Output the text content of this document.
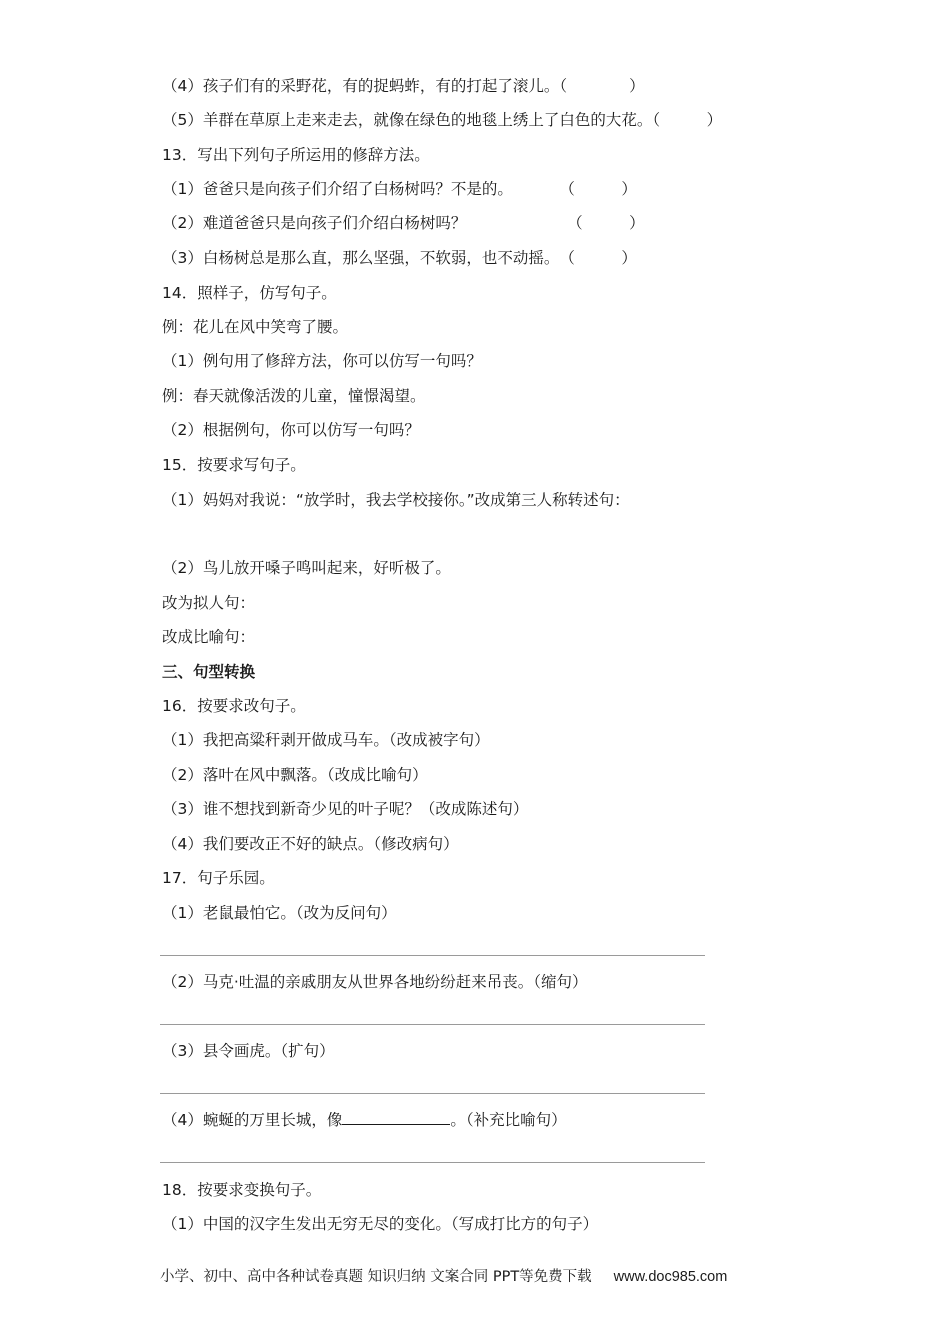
（4）孩子们有的采野花，有的捉蚂蚱，有的打起了滚儿。（　　　　）
（5）羊群在草原上走来走去，就像在绿色的地毯上绣上了白色的大花。（　　　）
13．写出下列句子所运用的修辞方法。
（1）爸爸只是向孩子们介绍了白杨树吗？不是的。　　　　（　　　）
（2）难道爸爸只是向孩子们介绍白杨树吗？　　　　　　　（　　　）
（3）白杨树总是那么直，那么坚强，不软弱，也不动摇。　（　　　）
14．照样子，仿写句子。
例：花儿在风中笑弯了腰。
（1）例句用了修辞方法，你可以仿写一句吗？
例：春天就像活泼的儿童，憧憬渴望。
（2）根据例句，你可以仿写一句吗？
15．按要求写句子。
（1）妈妈对我说：“放学时，我去学校接你。”改成第三人称转述句：
（2）鸟儿放开嗓子鸣叫起来，好听极了。
改为拟人句：
改成比喻句：
三、句型转换
16．按要求改句子。
（1）我把高粱秆剥开做成马车。（改成被字句）
（2）落叶在风中飘落。（改成比喻句）
（3）谁不想找到新奇少见的叶子呢？（改成陈述句）
（4）我们要改正不好的缺点。（修改病句）
17．句子乐园。
（1）老鼠最怕它。（改为反问句）
（2）马克·吐温的亲戚朋友从世界各地纷纷赶来吊丧。（缩句）
（3）县令画虎。（扩句）
（4）蜿蜒的万里长城，像	。（补充比喻句）
18．按要求变换句子。
（1）中国的汉字生发出无穷无尽的变化。（写成打比方的句子）
小学、初中、高中各种试卷真题 知识归纳 文案合同 PPT等免费下载 www.doc985.com
